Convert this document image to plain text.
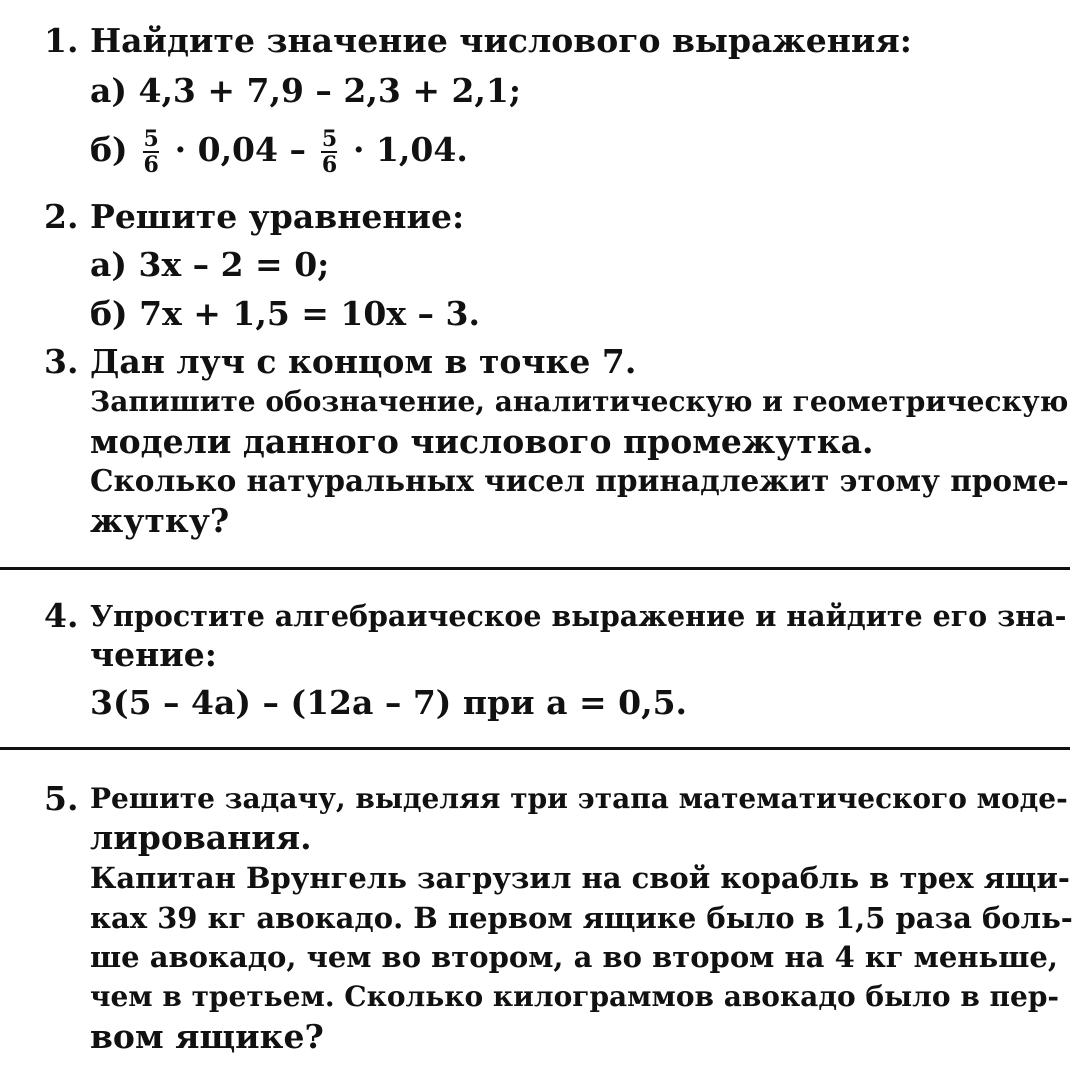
1. Найдите значение числового выражения:
а) 4,3 + 7,9 – 2,3 + 2,1;
$б) \frac{5}{6} \cdot 0,04 - \frac{5}{6} \cdot 1,04$.
2. Решите уравнение:
а) 3x – 2 = 0;
б) 7x + 1,5 = 10x – 3.
3. Дан луч с концом в точке 7.
Запишите обозначение, аналитическую и геометрическую
модели данного числового промежутка.
Сколько натуральных чисел принадлежит этому проме-
жутку?
4. Упростите алгебраическое выражение и найдите его зна-
чение:
3(5 – 4a) – (12a – 7) при a = 0,5.
5. Решите задачу, выделяя три этапа математического моде-
лирования.
Капитан Врунгель загрузил на свой корабль в трех ящи-
ках 39 кг авокадо. В первом ящике было в 1,5 раза боль-
ше авокадо, чем во втором, а во втором на 4 кг меньше,
чем в третьем. Сколько килограммов авокадо было в пер-
вом ящике?
